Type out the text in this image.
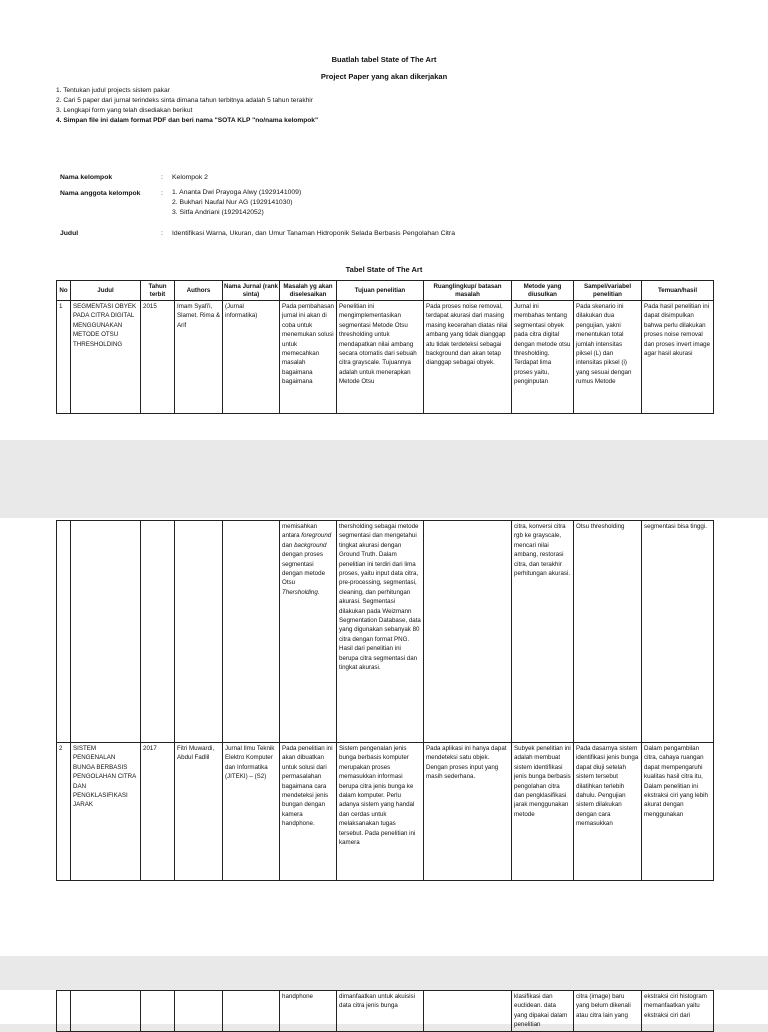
Buatlah tabel State of The Art
Project Paper yang akan dikerjakan
1. Tentukan judul projects sistem pakar
2. Cari 5 paper dari jurnal terindeks sinta dimana tahun terbitnya adalah 5 tahun terakhir
3. Lengkapi form yang telah disediakan berikut
4. Simpan file ini dalam format PDF dan beri nama "SOTA KLP "no/nama kelompok"
Nama kelompok	: Kelompok 2
Nama anggota kelompok	: 1. Ananta Dwi Prayoga Alwy (1929141009)
2. Bukhari Naufal Nur AG (1929141030)
3. Sitfa Andriani (1929142052)
Judul	: Identifikasi Warna, Ukuran, dan Umur Tanaman Hidroponik Selada Berbasis Pengolahan Citra
Tabel State of The Art
No	Judul	Tahun terbit	Authors	Nama Jurnal (rank sinta)	Masalah yg akan diselesaikan	Tujuan penelitian	Ruanglingkup/ batasan masalah	Metode yang diusulkan	Sampel/variabel penelitian	Temuan/hasil
1	SEGMENTASI OBYEK PADA CITRA DIGITAL MENGGUNAKAN METODE OTSU THRESHOLDING	2015	Imam Syafi'i, Slamet. Rima & Arif	(Jurnal informatika)	Pada pembahasan jurnal ini akan di coba untuk menemukan solusi untuk memecahkan masalah bagaimana bagaimana	Penelitian ini mengimplementasikan segmentasi Metode Otsu thresholding untuk mendapatkan nilai ambang secara otomatis dari sebuah citra grayscale. Tujuannya adalah untuk menerapkan Metode Otsu	Pada proses noise removal, terdapat akurasi dari masing masing kecerahan diatas nilai ambang yang tidak dianggap atu tidak terdeteksi sebagai background dan akan tetap dianggap sebagai obyek.	Jurnal ini membahas tentang segmentasi obyek pada citra digital dengan metode otsu thresholding. Terdapat lima proses yaitu, penginputan	Pada skenario ini dilakukan dua pengujian, yakni menentukan total jumlah intensitas piksel (L) dan intensitas piksel (i) yang sesuai dengan rumus Metode	Pada hasil penelitian ini dapat disimpulkan bahwa perlu dilakukan proses noise removal dan proses invert image agar hasil akurasi
					memisahkan antara foreground dan background dengan proses segmentasi dengan metode Otsu Thersholding.	thersholding sebagai metode segmentasi dan mengetahui tingkat akurasi dengan Ground Truth. Dalam penelitian ini terdiri dari lima proses, yaitu input data citra, pre-processing, segmentasi, cleaning, dan perhitungan akurasi. Segmentasi dilakukan pada Weizmann Segmentation Database, data yang digunakan sebanyak 80 citra dengan format PNG. Hasil dari penelitian ini berupa citra segmentasi dan tingkat akurasi.		citra, konversi citra rgb ke grayscale, mencari nilai ambang, restorasi citra, dan terakhir perhitungan akurasi.	Otsu thresholding	segmentasi bisa tinggi.
2	SISTEM PENGENALAN BUNGA BERBASIS PENGOLAHAN CITRA DAN PENGKLASIFIKASI JARAK	2017	Fitri Muwardi, Abdul Fadlil	Jurnal Ilmu Teknik Elektro Komputer dan Informatika (JITEKI) – (S2)	Pada penelitian ini akan dibuatkan untuk solusi dari permasalahan bagaimana cara mendeteksi jenis bungan dengan kamera handphone.	Sistem pengenalan jenis bunga berbasis komputer merupakan proses memasukkan informasi berupa citra jenis bunga ke dalam komputer. Perlu adanya sistem yang handal dan cerdas untuk melaksanakan tugas tersebut. Pada penelitian ini kamera	Pada aplikasi ini hanya dapat mendeteksi satu objek. Dengan proses input yang masih sederhana.	Subyek penelitian ini adalah membuat sistem identifikasi jenis bunga berbasis pengolahan citra dan pengklasifikasi jarak menggunakan metode	Pada dasarnya sistem identifikasi jenis bunga dapat diuji setelah sistem tersebut dilatihkan terlebih dahulu. Pengujian sistem dilakukan dengan cara memasukkan	Dalam pengambilan citra, cahaya ruangan dapat mempengaruhi kualitas hasil citra itu, Dalam penelitian ini ekstraksi ciri yang lebih akurat dengan menggunakan
					handphone	dimanfaatkan untuk akuisisi data citra jenis bunga		klasifikasi dan euclidean. data yang dipakai dalam penelitian	citra (image) baru yang belum dikenali atau citra lain yang	ekstraksi ciri histogram memanfaatkan yaitu ekstraksi ciri dari
